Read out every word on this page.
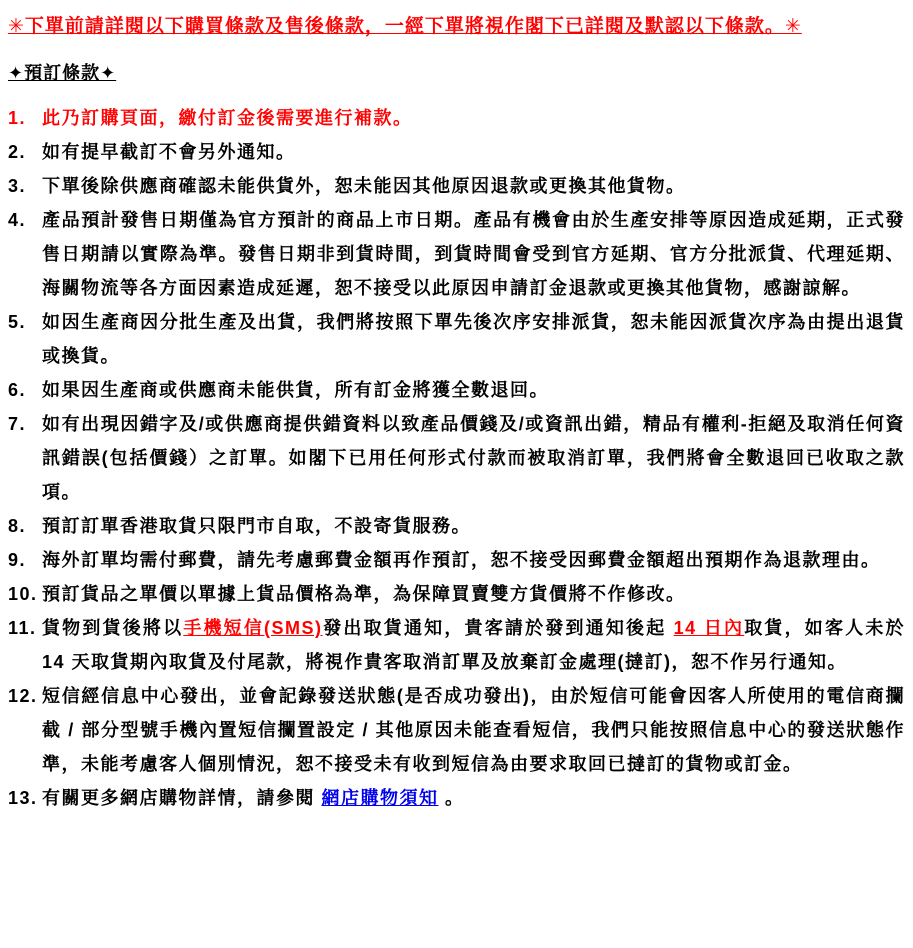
✳下單前請詳閱以下購買條款及售後條款，一經下單將視作閣下已詳閱及默認以下條款。✳

✦預訂條款✦
1. 此乃訂購頁面，繳付訂金後需要進行補款。
2. 如有提早截訂不會另外通知。
3. 下單後除供應商確認未能供貨外，恕未能因其他原因退款或更換其他貨物。
4. 產品預計發售日期僅為官方預計的商品上市日期。產品有機會由於生產安排等原因造成延期，正式發售日期請以實際為準。發售日期非到貨時間，到貨時間會受到官方延期、官方分批派貨、代理延期、海關物流等各方面因素造成延遲，恕不接受以此原因申請訂金退款或更換其他貨物，感謝諒解。
5. 如因生產商因分批生產及出貨，我們將按照下單先後次序安排派貨，恕未能因派貨次序為由提出退貨或換貨。
6. 如果因生產商或供應商未能供貨，所有訂金將獲全數退回。
7. 如有出現因錯字及/或供應商提供錯資料以致產品價錢及/或資訊出錯，精品有權利-拒絕及取消任何資訊錯誤(包括價錢）之訂單。如閣下已用任何形式付款而被取消訂單，我們將會全數退回已收取之款項。
8. 預訂訂單香港取貨只限門市自取，不設寄貨服務。
9. 海外訂單均需付郵費，請先考慮郵費金額再作預訂，恕不接受因郵費金額超出預期作為退款理由。
10. 預訂貨品之單價以單據上貨品價格為準，為保障買賣雙方貨價將不作修改。
11. 貨物到貨後將以手機短信(SMS)發出取貨通知，貴客請於發到通知後起 14 日內取貨，如客人未於 14 天取貨期內取貨及付尾款，將視作貴客取消訂單及放棄訂金處理(撻訂)，恕不作另行通知。
12. 短信經信息中心發出，並會記錄發送狀態(是否成功發出)，由於短信可能會因客人所使用的電信商攔截 / 部分型號手機內置短信攔置設定 / 其他原因未能查看短信，我們只能按照信息中心的發送狀態作準，未能考慮客人個別情況，恕不接受未有收到短信為由要求取回已撻訂的貨物或訂金。
13. 有關更多網店購物詳情，請參閱 網店購物須知 。
